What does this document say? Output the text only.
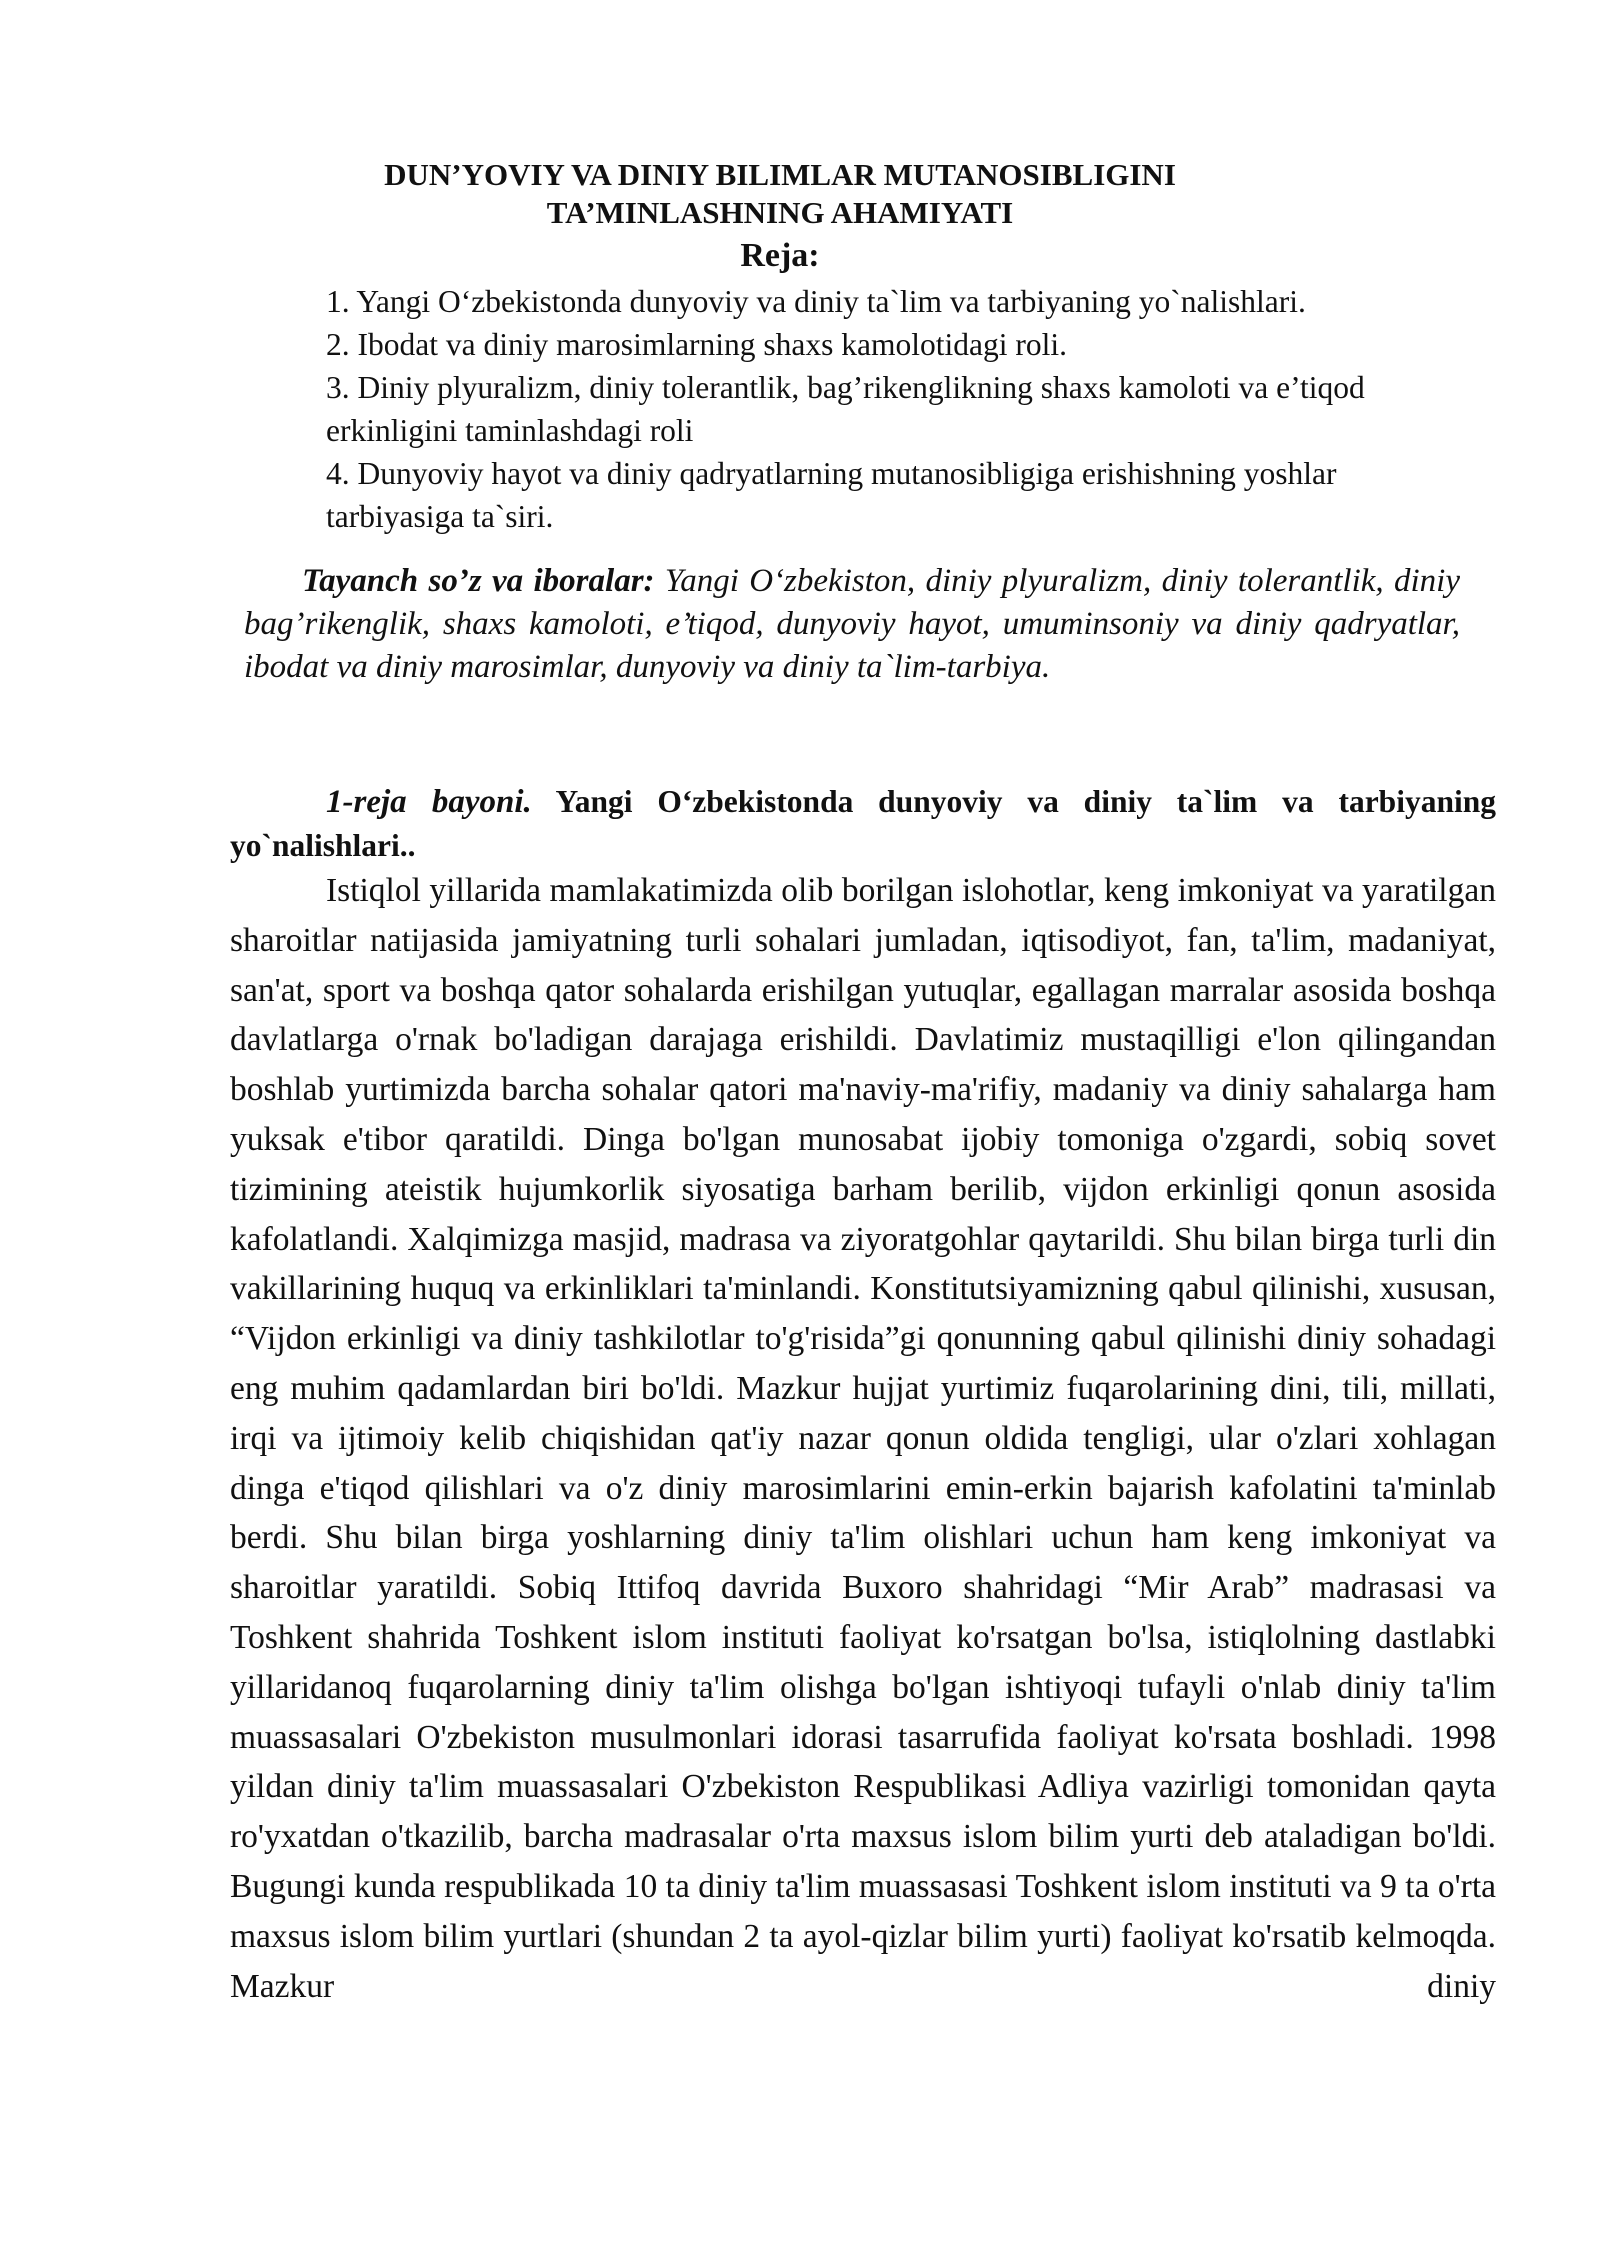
DUN’YOVIY VA DINIY BILIMLAR MUTANOSIBLIGINI

TA’MINLASHNING AHAMIYATI

Reja:

1. Yangi O‘zbekistonda dunyoviy va diniy ta`lim va tarbiyaning yo`nalishlari.
2. Ibodat va diniy marosimlarning shaxs kamolotidagi roli.
3. Diniy plyuralizm, diniy tolerantlik, bag’rikenglikning shaxs kamoloti va e’tiqod erkinligini taminlashdagi roli
4. Dunyoviy hayot va diniy qadryatlarning mutanosibligiga erishishning yoshlar tarbiyasiga ta`siri.

Tayanch so’z va iboralar: Yangi O‘zbekiston, diniy plyuralizm, diniy tolerantlik, diniy bag’rikenglik, shaxs kamoloti, e’tiqod, dunyoviy hayot, umuminsoniy va diniy qadryatlar, ibodat va diniy marosimlar, dunyoviy va diniy ta`lim-tarbiya.

1-reja bayoni. Yangi O‘zbekistonda dunyoviy va diniy ta`lim va tarbiyaning yo`nalishlari..

Istiqlol yillarida mamlakatimizda olib borilgan islohotlar, keng imkoniyat va yaratilgan sharoitlar natijasida jamiyatning turli sohalari jumladan, iqtisodiyot, fan, ta'lim, madaniyat, san'at, sport va boshqa qator sohalarda erishilgan yutuqlar, egallagan marralar asosida boshqa davlatlarga o'rnak bo'ladigan darajaga erishildi. Davlatimiz mustaqilligi e'lon qilingandan boshlab yurtimizda barcha sohalar qatori ma'naviy-ma'rifiy, madaniy va diniy sahalarga ham yuksak e'tibor qaratildi. Dinga bo'lgan munosabat ijobiy tomoniga o'zgardi, sobiq sovet tizimining ateistik hujumkorlik siyosatiga barham berilib, vijdon erkinligi qonun asosida kafolatlandi. Xalqimizga masjid, madrasa va ziyoratgohlar qaytarildi. Shu bilan birga turli din vakillarining huquq va erkinliklari ta'minlandi. Konstitutsiyamizning qabul qilinishi, xususan, “Vijdon erkinligi va diniy tashkilotlar to'g'risida”gi qonunning qabul qilinishi diniy sohadagi eng muhim qadamlardan biri bo'ldi. Mazkur hujjat yurtimiz fuqarolarining dini, tili, millati, irqi va ijtimoiy kelib chiqishidan qat'iy nazar qonun oldida tengligi, ular o'zlari xohlagan dinga e'tiqod qilishlari va o'z diniy marosimlarini emin-erkin bajarish kafolatini ta'minlab berdi. Shu bilan birga yoshlarning diniy ta'lim olishlari uchun ham keng imkoniyat va sharoitlar yaratildi. Sobiq Ittifoq davrida Buxoro shahridagi “Mir Arab” madrasasi va Toshkent shahrida Toshkent islom instituti faoliyat ko'rsatgan bo'lsa, istiqlolning dastlabki yillaridanoq fuqarolarning diniy ta'lim olishga bo'lgan ishtiyoqi tufayli o'nlab diniy ta'lim muassasalari O'zbekiston musulmonlari idorasi tasarrufida faoliyat ko'rsata boshladi. 1998 yildan diniy ta'lim muassasalari O'zbekiston Respublikasi Adliya vazirligi tomonidan qayta ro'yxatdan o'tkazilib, barcha madrasalar o'rta maxsus islom bilim yurti deb ataladigan bo'ldi. Bugungi kunda respublikada 10 ta diniy ta'lim muassasasi Toshkent islom instituti va 9 ta o'rta maxsus islom bilim yurtlari (shundan 2 ta ayol-qizlar bilim yurti) faoliyat ko'rsatib kelmoqda. Mazkur diniy
